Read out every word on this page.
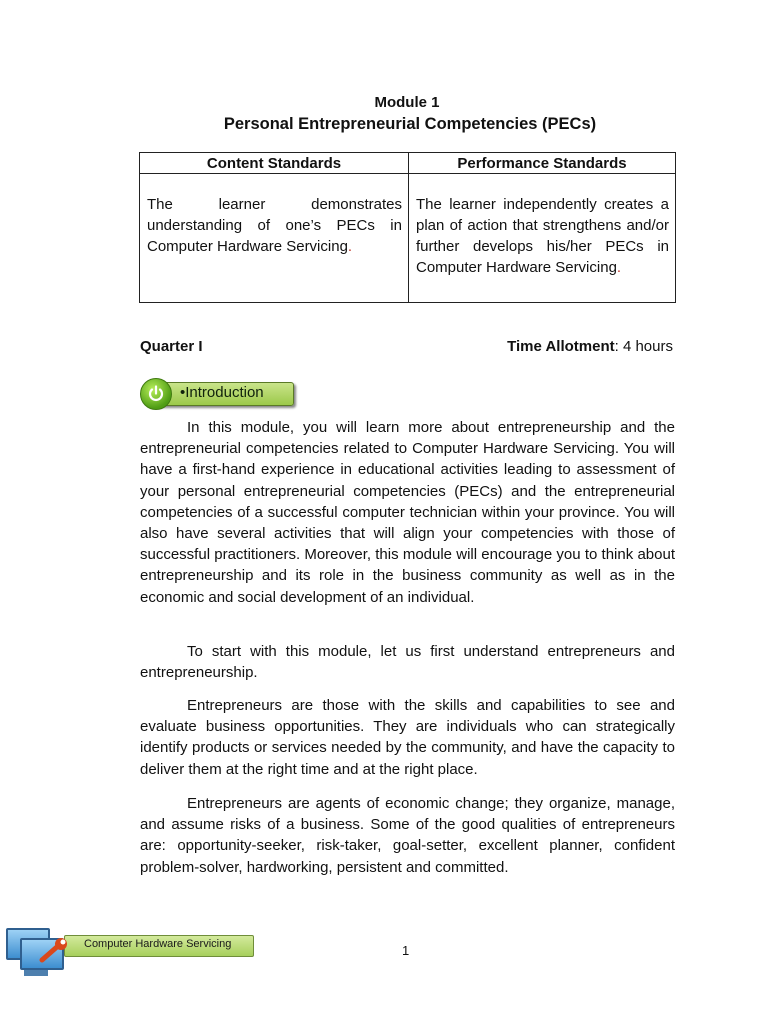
Module 1
Personal Entrepreneurial Competencies (PECs)
Content Standards	Performance Standards
The learner demonstrates understanding of one’s PECs in Computer Hardware Servicing.	The learner independently creates a plan of action that strengthens and/or further develops his/her PECs in Computer Hardware Servicing.
Quarter I	Time Allotment: 4 hours
•Introduction

In this module, you will learn more about entrepreneurship and the entrepreneurial competencies related to Computer Hardware Servicing. You will have a first-hand experience in educational activities leading to assessment of your personal entrepreneurial competencies (PECs) and the entrepreneurial competencies of a successful computer technician within your province. You will also have several activities that will align your competencies with those of successful practitioners. Moreover, this module will encourage you to think about entrepreneurship and its role in the business community as well as in the economic and social development of an individual.

To start with this module, let us first understand entrepreneurs and entrepreneurship.

Entrepreneurs are those with the skills and capabilities to see and evaluate business opportunities. They are individuals who can strategically identify products or services needed by the community, and have the capacity to deliver them at the right time and at the right place.

Entrepreneurs are agents of economic change; they organize, manage, and assume risks of a business. Some of the good qualities of entrepreneurs are: opportunity-seeker, risk-taker, goal-setter, excellent planner, confident problem-solver, hardworking, persistent and committed.

Computer Hardware Servicing	1
